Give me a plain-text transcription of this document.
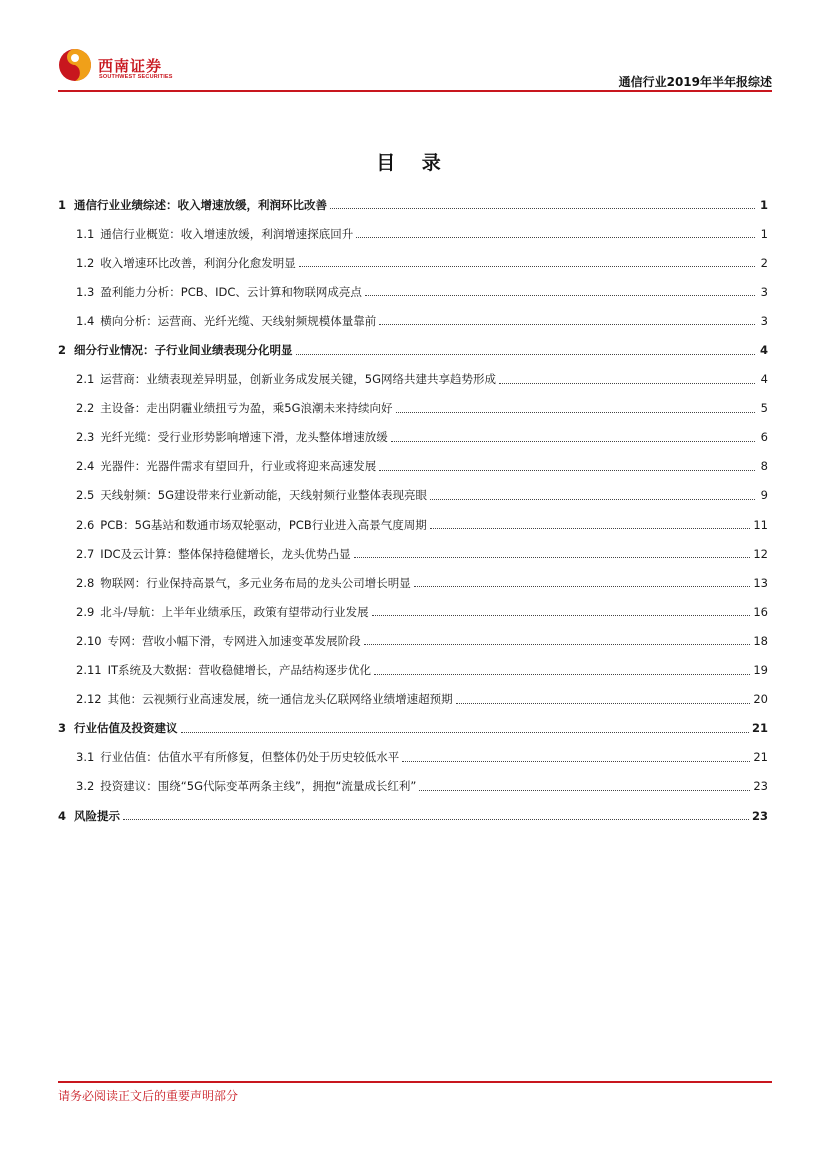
西南证券
SOUTHWEST SECURITIES	通信行业2019年半年报综述
目 录
1 通信行业业绩综述：收入增速放缓，利润环比改善	1
1.1 通信行业概览：收入增速放缓，利润增速探底回升	1
1.2 收入增速环比改善，利润分化愈发明显	2
1.3 盈利能力分析：PCB、IDC、云计算和物联网成亮点	3
1.4 横向分析：运营商、光纤光缆、天线射频规模体量靠前	3
2 细分行业情况：子行业间业绩表现分化明显	4
2.1 运营商：业绩表现差异明显，创新业务成发展关键，5G网络共建共享趋势形成	4
2.2 主设备：走出阴霾业绩扭亏为盈，乘5G浪潮未来持续向好	5
2.3 光纤光缆：受行业形势影响增速下滑，龙头整体增速放缓	6
2.4 光器件：光器件需求有望回升，行业或将迎来高速发展	8
2.5 天线射频：5G建设带来行业新动能，天线射频行业整体表现亮眼	9
2.6 PCB：5G基站和数通市场双轮驱动，PCB行业进入高景气度周期	11
2.7 IDC及云计算：整体保持稳健增长，龙头优势凸显	12
2.8 物联网：行业保持高景气，多元业务布局的龙头公司增长明显	13
2.9 北斗/导航：上半年业绩承压，政策有望带动行业发展	16
2.10 专网：营收小幅下滑，专网进入加速变革发展阶段	18
2.11 IT系统及大数据：营收稳健增长，产品结构逐步优化	19
2.12 其他：云视频行业高速发展，统一通信龙头亿联网络业绩增速超预期	20
3 行业估值及投资建议	21
3.1 行业估值：估值水平有所修复，但整体仍处于历史较低水平	21
3.2 投资建议：围绕“5G代际变革两条主线”，拥抱“流量成长红利”	23
4 风险提示	23
请务必阅读正文后的重要声明部分
